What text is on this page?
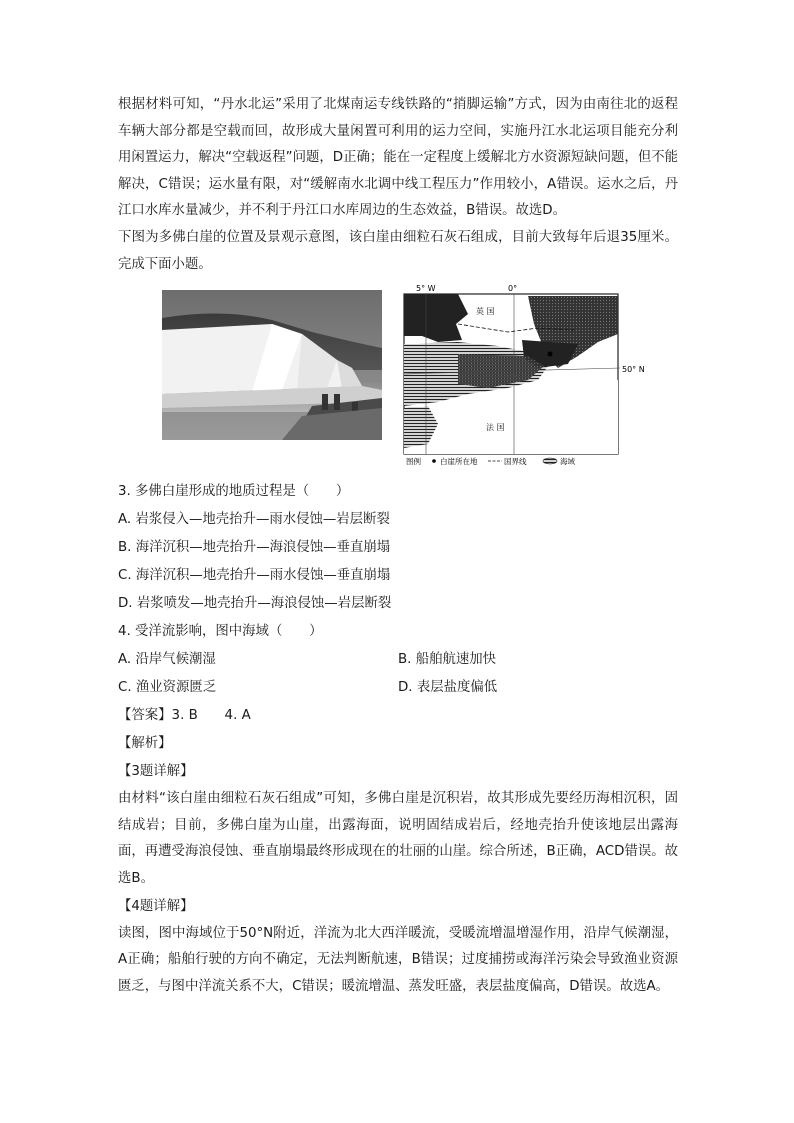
根据材料可知，“丹水北运”采用了北煤南运专线铁路的“捎脚运输”方式，因为由南往北的返程车辆大部分都是空载而回，故形成大量闲置可利用的运力空间，实施丹江水北运项目能充分利用闲置运力，解决“空载返程”问题，D正确；能在一定程度上缓解北方水资源短缺问题，但不能解决，C错误；运水量有限，对“缓解南水北调中线工程压力”作用较小，A错误。运水之后，丹江口水库水量减少，并不利于丹江口水库周边的生态效益，B错误。故选D。

下图为多佛白崖的位置及景观示意图，该白崖由细粒石灰石组成，目前大致每年后退35厘米。完成下面小题。

5° W	0°
50° N
英 国
法 国
图例	白崖所在地	国界线	海域

3. 多佛白崖形成的地质过程是（　　）

A. 岩浆侵入—地壳抬升—雨水侵蚀—岩层断裂

B. 海洋沉积—地壳抬升—海浪侵蚀—垂直崩塌

C. 海洋沉积—地壳抬升—雨水侵蚀—垂直崩塌

D. 岩浆喷发—地壳抬升—海浪侵蚀—岩层断裂

4. 受洋流影响，图中海域（　　）

A. 沿岸气候潮湿	B. 船舶航速加快
C. 渔业资源匮乏	D. 表层盐度偏低

【答案】3. B　　4. A

【解析】

【3题详解】

由材料“该白崖由细粒石灰石组成”可知，多佛白崖是沉积岩，故其形成先要经历海相沉积，固结成岩；目前，多佛白崖为山崖，出露海面，说明固结成岩后，经地壳抬升使该地层出露海面，再遭受海浪侵蚀、垂直崩塌最终形成现在的壮丽的山崖。综合所述，B正确，ACD错误。故选B。

【4题详解】

读图，图中海域位于50°N附近，洋流为北大西洋暖流，受暖流增温增湿作用，沿岸气候潮湿，A正确；船舶行驶的方向不确定，无法判断航速，B错误；过度捕捞或海洋污染会导致渔业资源匮乏，与图中洋流关系不大，C错误；暖流增温、蒸发旺盛，表层盐度偏高，D错误。故选A。
